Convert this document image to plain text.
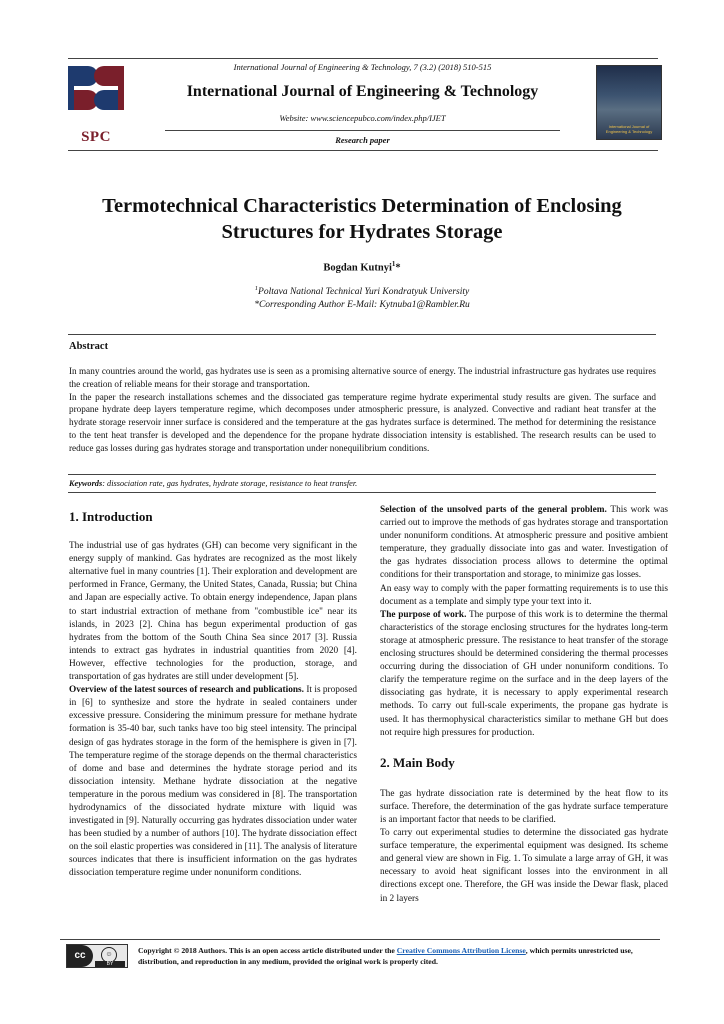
International Journal of Engineering & Technology, 7 (3.2) (2018) 510-515
SPC
International Journal of Engineering & Technology
Website: www.sciencepubco.com/index.php/IJET
Research paper
International Journal of Engineering & Technology
Termotechnical Characteristics Determination of Enclosing
Structures for Hydrates Storage
Bogdan Kutnyi$^1$*
$^1$Poltava National Technical Yuri Kondratyuk University
*Corresponding Author E-Mail: Kytnuba1@Rambler.Ru
Abstract

In many countries around the world, gas hydrates use is seen as a promising alternative source of energy. The industrial infrastructure gas hydrates use requires the creation of reliable means for their storage and transportation.

In the paper the research installations schemes and the dissociated gas temperature regime hydrate experimental study results are given. The surface and propane hydrate deep layers temperature regime, which decomposes under atmospheric pressure, is analyzed. Convective and radiant heat transfer at the hydrate storage reservoir inner surface is considered and the temperature at the gas hydrates surface is determined. The method for determining the resistance to the tent heat transfer is developed and the dependence for the propane hydrate dissociation intensity is established. The research results can be used to reduce gas losses during gas hydrates storage and transportation under nonequilibrium conditions.

Keywords: dissociation rate, gas hydrates, hydrate storage, resistance to heat transfer.
1. Introduction

The industrial use of gas hydrates (GH) can become very significant in the energy supply of mankind. Gas hydrates are recognized as the most likely alternative fuel in many countries [1]. Their exploration and development are performed in France, Germany, the United States, Canada, Russia; but China and Japan are especially active. To obtain energy independence, Japan plans to start industrial extraction of methane from "combustible ice" near its islands, in 2023 [2]. China has begun experimental production of gas hydrates from the bottom of the South China Sea since 2017 [3]. Russia intends to extract gas hydrates in industrial quantities from 2020 [4]. However, effective technologies for the production, storage, and transportation of gas hydrates are still under development [5].

Overview of the latest sources of research and publications. It is proposed in [6] to synthesize and store the hydrate in sealed containers under excessive pressure. Considering the minimum pressure for methane hydrate formation is 35-40 bar, such tanks have too big steel intensity. The principal design of gas hydrates storage in the form of the hemisphere is given in [7]. The temperature regime of the storage depends on the thermal characteristics of dome and base and determines the hydrate storage period and its dissociation intensity. Methane hydrate dissociation at the negative temperature in the porous medium was considered in [8]. The transportation hydrodynamics of the dissociated hydrate mixture with liquid was investigated in [9]. Naturally occurring gas hydrates dissociation under water has been studied by a number of authors [10]. The hydrate dissociation effect on the soil elastic properties was considered in [11]. The analysis of literature sources indicates that there is insufficient information on the gas hydrates dissociation temperature regime under nonuniform conditions.

Selection of the unsolved parts of the general problem. This work was carried out to improve the methods of gas hydrates storage and transportation under nonuniform conditions. At atmospheric pressure and positive ambient temperature, they gradually dissociate into gas and water. Investigation of the gas hydrates dissociation process allows to determine the optimal conditions for their transportation and storage, to minimize gas losses.

An easy way to comply with the paper formatting requirements is to use this document as a template and simply type your text into it.

The purpose of work. The purpose of this work is to determine the thermal characteristics of the storage enclosing structures for the hydrates long-term storage at atmospheric pressure. The resistance to heat transfer of the storage enclosing structures should be determined considering the thermal processes occurring during the dissociation of GH under nonuniform conditions. To clarify the temperature regime on the surface and in the deep layers of the dissociating gas hydrate, it is necessary to apply experimental research methods. To carry out full-scale experiments, the propane gas hydrate is used. It has thermophysical characteristics similar to methane GH but does not require high pressures for production.

2. Main Body

The gas hydrate dissociation rate is determined by the heat flow to its surface. Therefore, the determination of the gas hydrate surface temperature is an important factor that needs to be clarified.

To carry out experimental studies to determine the dissociated gas hydrate surface temperature, the experimental equipment was designed. Its scheme and general view are shown in Fig. 1. To simulate a large array of GH, it was necessary to avoid heat significant losses into the environment in all directions except one. Therefore, the GH was inside the Dewar flask, placed in 2 layers

cc	☺
BY
Copyright © 2018 Authors. This is an open access article distributed under the Creative Commons Attribution License, which permits unrestricted use, distribution, and reproduction in any medium, provided the original work is properly cited.
